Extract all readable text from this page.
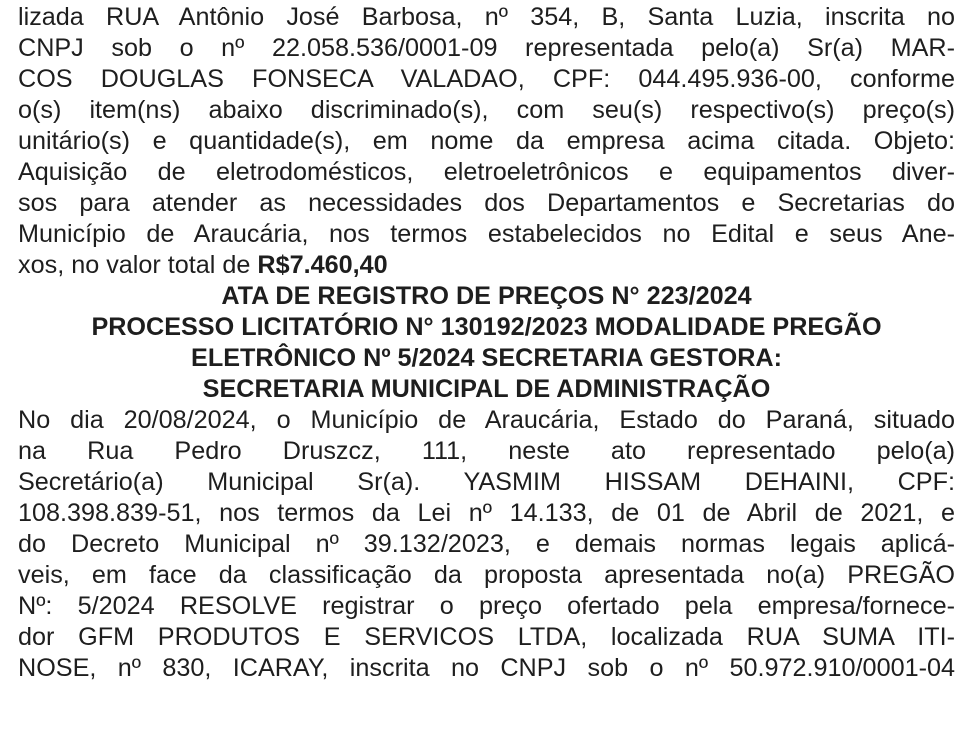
lizada RUA Antônio José Barbosa, nº 354, B, Santa Luzia, inscrita no
CNPJ sob o nº 22.058.536/0001-09 representada pelo(a) Sr(a) MAR-
COS DOUGLAS FONSECA VALADAO, CPF: 044.495.936-00, conforme
o(s) item(ns) abaixo discriminado(s), com seu(s) respectivo(s) preço(s)
unitário(s) e quantidade(s), em nome da empresa acima citada. Objeto:
Aquisição de eletrodomésticos, eletroeletrônicos e equipamentos diver-
sos para atender as necessidades dos Departamentos e Secretarias do
Município de Araucária, nos termos estabelecidos no Edital e seus Ane-
xos, no valor total de R$7.460,40
ATA DE REGISTRO DE PREÇOS N° 223/2024
PROCESSO LICITATÓRIO N° 130192/2023 MODALIDADE PREGÃO
ELETRÔNICO Nº 5/2024 SECRETARIA GESTORA:
SECRETARIA MUNICIPAL DE ADMINISTRAÇÃO
No dia 20/08/2024, o Município de Araucária, Estado do Paraná, situado
na Rua Pedro Druszcz, 111, neste ato representado pelo(a)
Secretário(a) Municipal Sr(a). YASMIM HISSAM DEHAINI, CPF:
108.398.839-51, nos termos da Lei nº 14.133, de 01 de Abril de 2021, e
do Decreto Municipal nº 39.132/2023, e demais normas legais aplicá-
veis, em face da classificação da proposta apresentada no(a) PREGÃO
Nº: 5/2024 RESOLVE registrar o preço ofertado pela empresa/fornece-
dor GFM PRODUTOS E SERVICOS LTDA, localizada RUA SUMA ITI-
NOSE, nº 830, ICARAY, inscrita no CNPJ sob o nº 50.972.910/0001-04
